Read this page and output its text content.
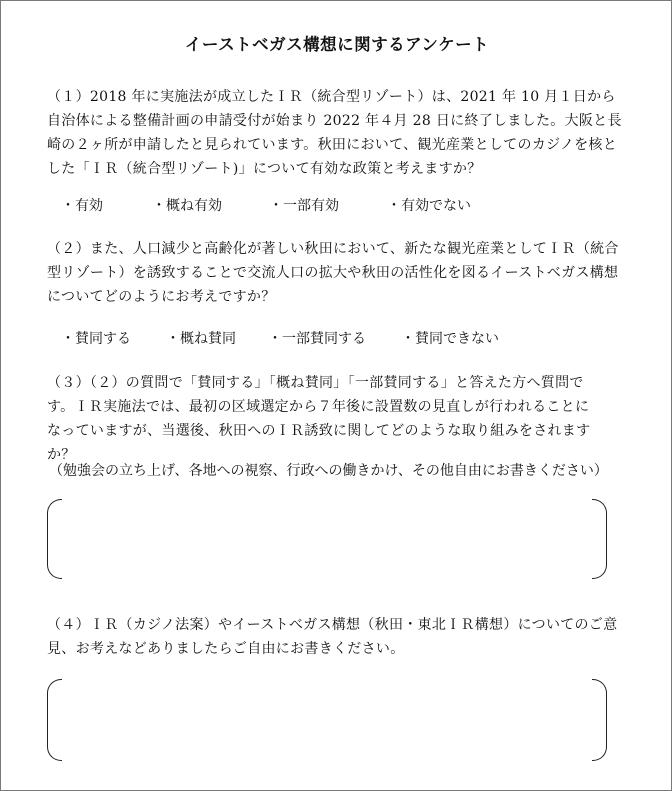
イーストベガス構想に関するアンケート

（１）2018 年に実施法が成立したＩＲ（統合型リゾート）は、2021 年 10 月１日から自治体による整備計画の申請受付が始まり 2022 年４月 28 日に終了しました。大阪と長崎の２ヶ所が申請したと見られています。秋田において、観光産業としてのカジノを核とした「ＩＲ（統合型リゾート)」について有効な政策と考えますか？

・有効	・概ね有効	・一部有効	・有効でない

（２）また、人口減少と高齢化が著しい秋田において、新たな観光産業としてＩＲ（統合型リゾート）を誘致することで交流人口の拡大や秋田の活性化を図るイーストベガス構想についてどのようにお考えですか？

・賛同する	・概ね賛同 ・一部賛同する	・賛同できない

（３）（２）の質問で「賛同する」「概ね賛同」「一部賛同する」と答えた方へ質問です。ＩＲ実施法では、最初の区域選定から７年後に設置数の見直しが行われることになっていますが、当選後、秋田へのＩＲ誘致に関してどのような取り組みをされますか？

（勉強会の立ち上げ、各地への視察、行政への働きかけ、その他自由にお書きください）

（４）ＩＲ（カジノ法案）やイーストベガス構想（秋田・東北ＩＲ構想）についてのご意見、お考えなどありましたらご自由にお書きください。
